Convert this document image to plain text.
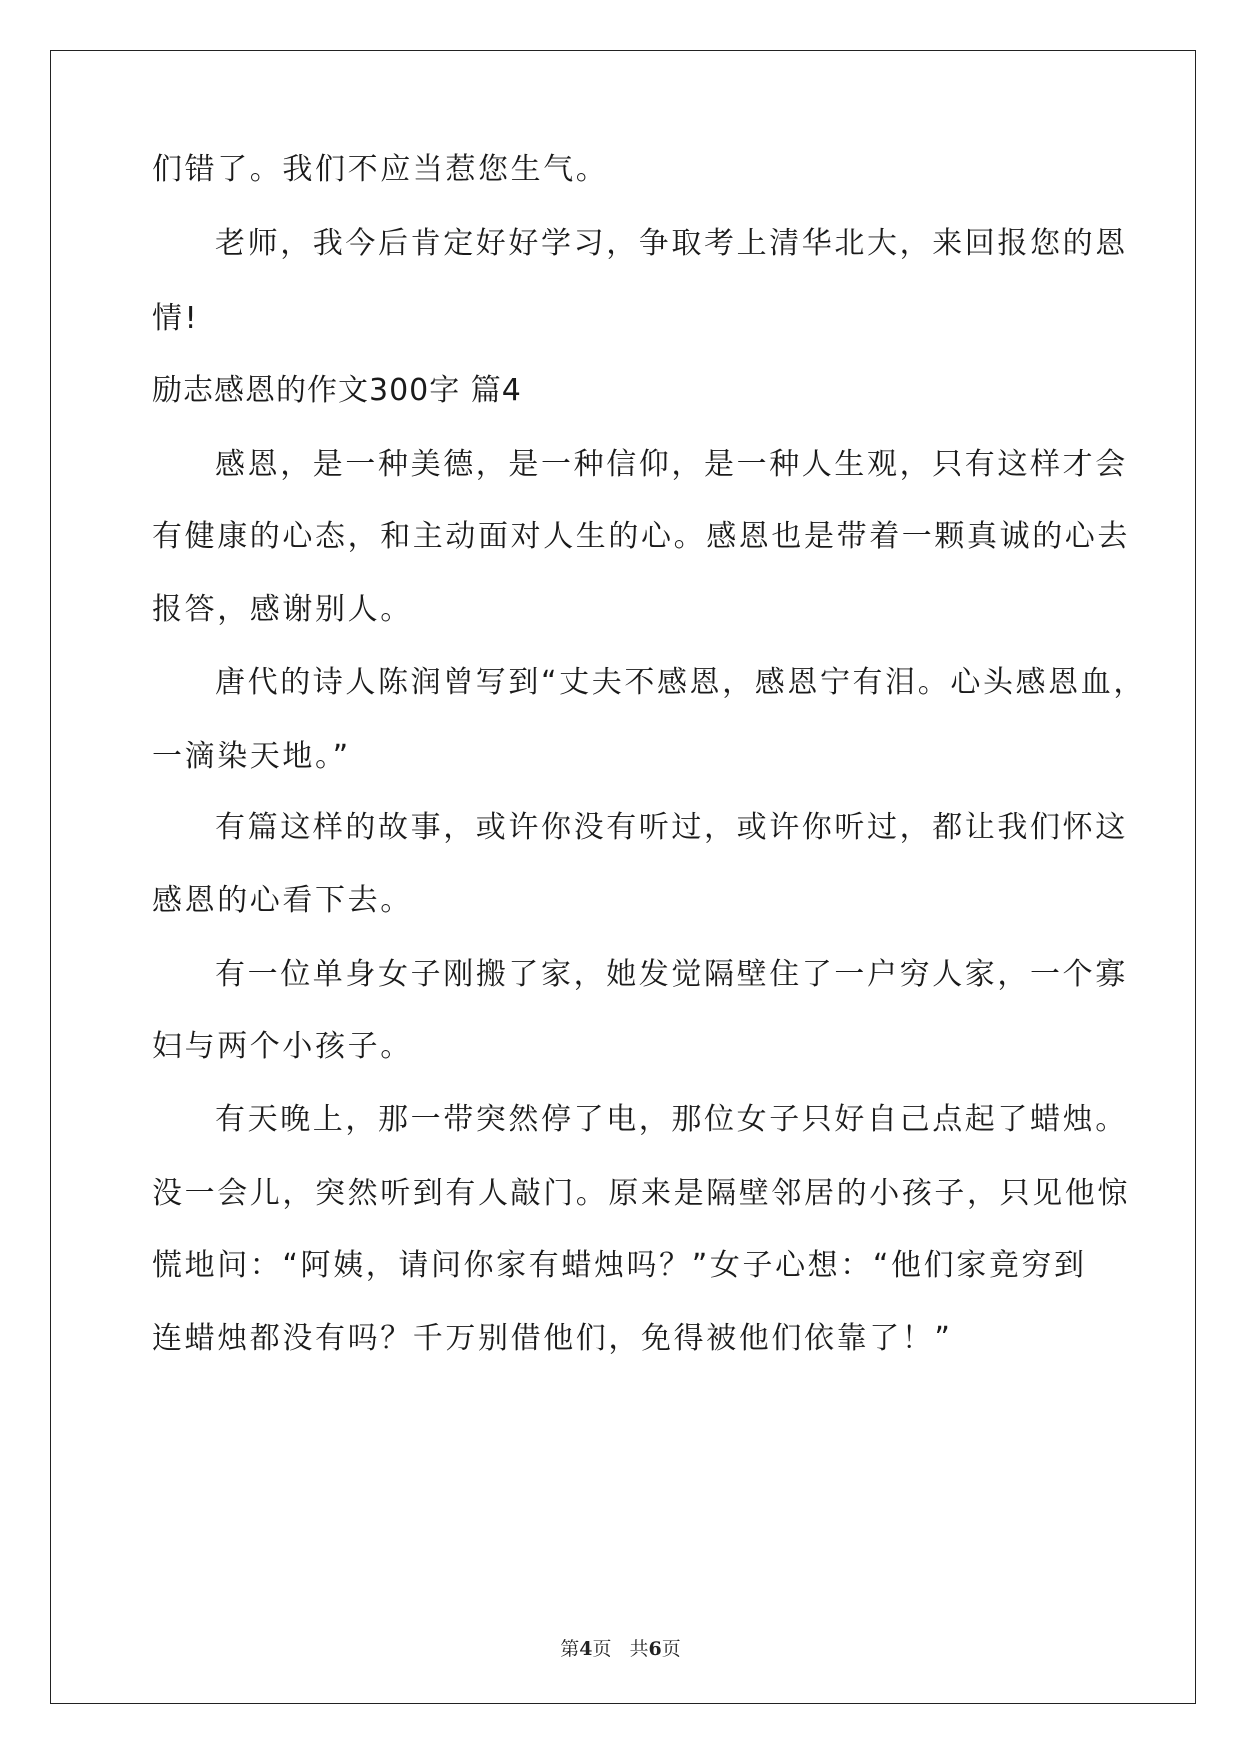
们错了。我们不应当惹您生气。
老师，我今后肯定好好学习，争取考上清华北大，来回报您的恩
情!
励志感恩的作文300字 篇4
感恩，是一种美德，是一种信仰，是一种人生观，只有这样才会
有健康的心态，和主动面对人生的心。感恩也是带着一颗真诚的心去
报答，感谢别人。
唐代的诗人陈润曾写到“丈夫不感恩，感恩宁有泪。心头感恩血，
一滴染天地。”
有篇这样的故事，或许你没有听过，或许你听过，都让我们怀这
感恩的心看下去。
有一位单身女子刚搬了家，她发觉隔壁住了一户穷人家，一个寡
妇与两个小孩子。
有天晚上，那一带突然停了电，那位女子只好自己点起了蜡烛。
没一会儿，突然听到有人敲门。原来是隔壁邻居的小孩子，只见他惊
慌地问：“阿姨，请问你家有蜡烛吗？”女子心想：“他们家竟穷到
连蜡烛都没有吗？千万别借他们，免得被他们依靠了！”
第4页 共6页
